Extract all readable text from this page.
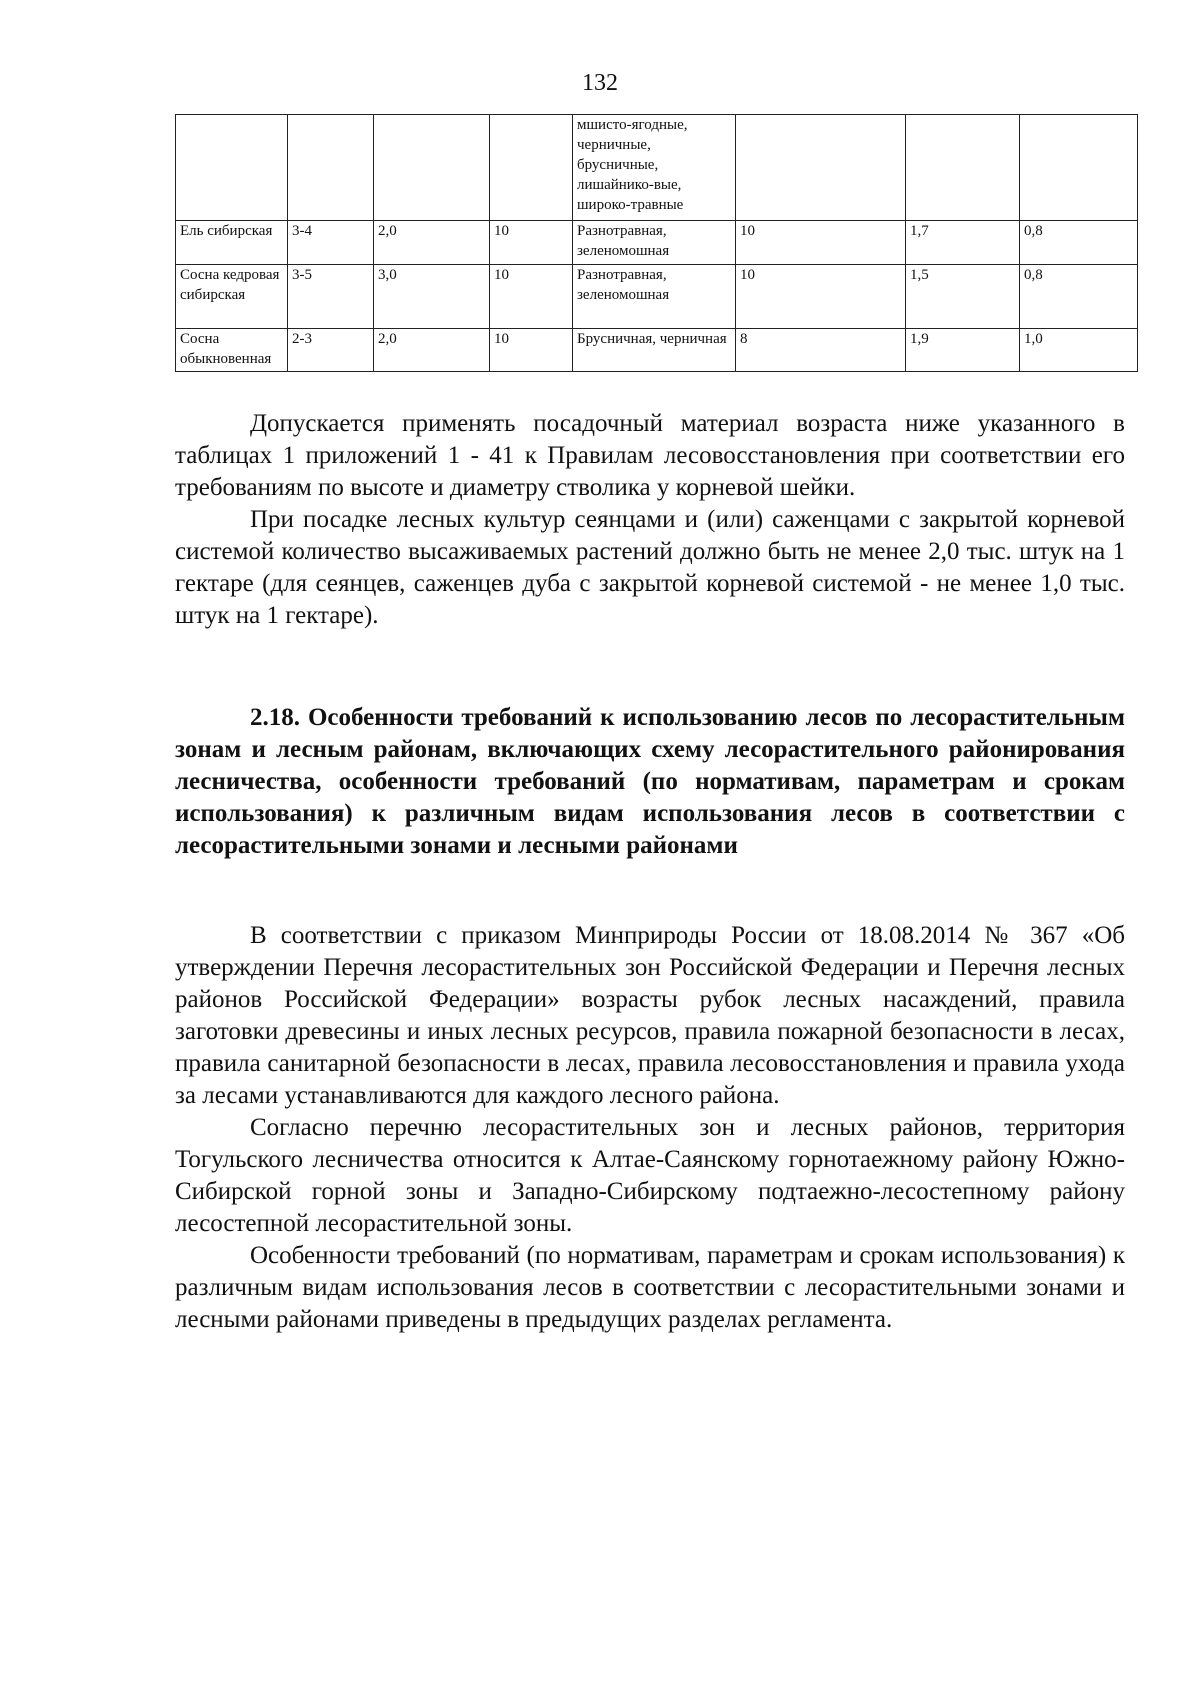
132
				мшисто-ягодные, черничные, брусничные, лишайнико-вые, широко-травные			
Ель сибирская	3-4	2,0	10	Разнотравная, зеленомошная	10	1,7	0,8
Сосна кедровая сибирская	3-5	3,0	10	Разнотравная, зеленомошная	10	1,5	0,8
Сосна обыкновенная	2-3	2,0	10	Брусничная, черничная	8	1,9	1,0

Допускается применять посадочный материал возраста ниже указанного в таблицах 1 приложений 1 - 41 к Правилам лесовосстановления при соответствии его требованиям по высоте и диаметру стволика у корневой шейки.

При посадке лесных культур сеянцами и (или) саженцами с закрытой корневой системой количество высаживаемых растений должно быть не менее 2,0 тыс. штук на 1 гектаре (для сеянцев, саженцев дуба с закрытой корневой системой - не менее 1,0 тыс. штук на 1 гектаре).

2.18. Особенности требований к использованию лесов по лесорастительным зонам и лесным районам, включающих схему лесорастительного районирования лесничества, особенности требований (по нормативам, параметрам и срокам использования) к различным видам использования лесов в соответствии с лесорастительными зонами и лесными районами

В соответствии с приказом Минприроды России от 18.08.2014 № 367 «Об утверждении Перечня лесорастительных зон Российской Федерации и Перечня лесных районов Российской Федерации» возрасты рубок лесных насаждений, правила заготовки древесины и иных лесных ресурсов, правила пожарной безопасности в лесах, правила санитарной безопасности в лесах, правила лесовосстановления и правила ухода за лесами устанавливаются для каждого лесного района.

Согласно перечню лесорастительных зон и лесных районов, территория Тогульского лесничества относится к Алтае-Саянскому горнотаежному району Южно-Сибирской горной зоны и Западно-Сибирскому подтаежно-лесостепному району лесостепной лесорастительной зоны.

Особенности требований (по нормативам, параметрам и срокам использования) к различным видам использования лесов в соответствии с лесорастительными зонами и лесными районами приведены в предыдущих разделах регламента.
